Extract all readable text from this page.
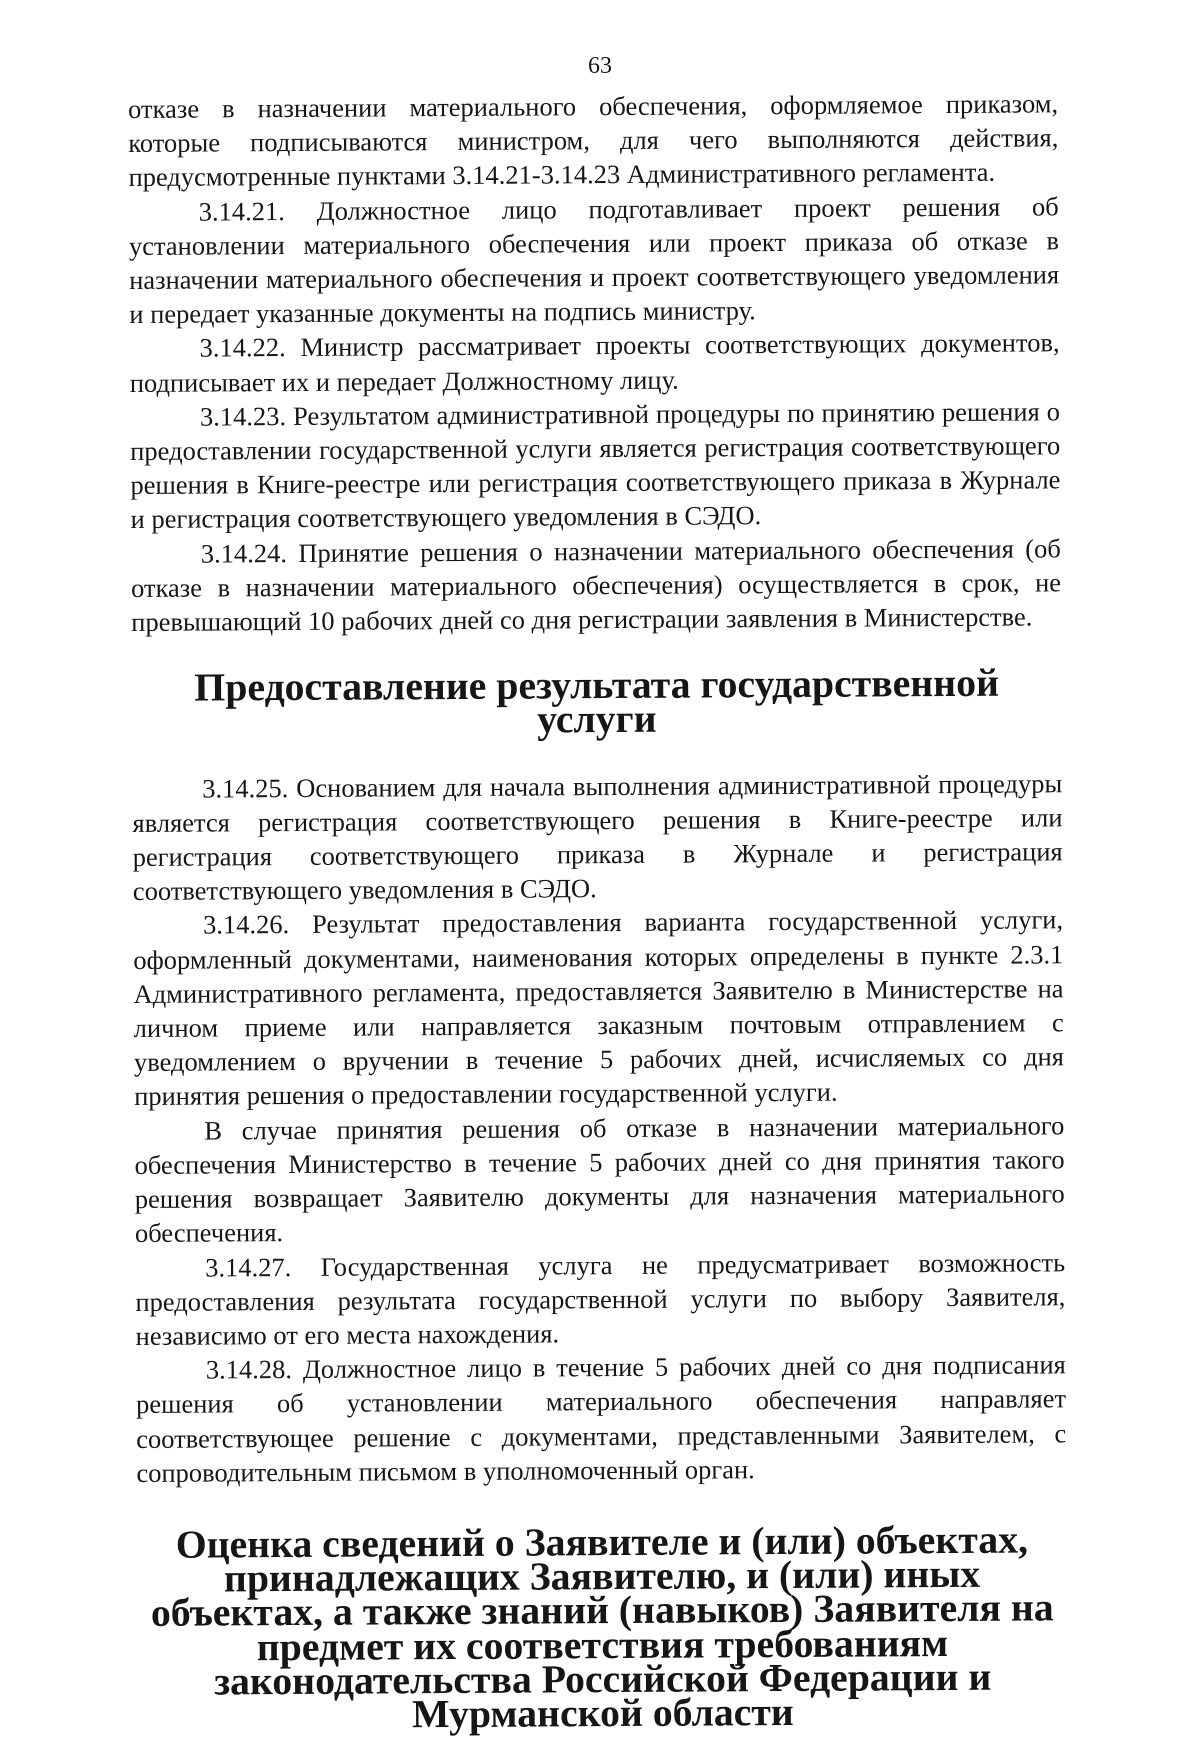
63

отказе в назначении материального обеспечения, оформляемое приказом, которые подписываются министром, для чего выполняются действия, предусмотренные пунктами 3.14.21-3.14.23 Административного регламента.

3.14.21. Должностное лицо подготавливает проект решения об установлении материального обеспечения или проект приказа об отказе в назначении материального обеспечения и проект соответствующего уведомления и передает указанные документы на подпись министру.

3.14.22. Министр рассматривает проекты соответствующих документов, подписывает их и передает Должностному лицу.

3.14.23. Результатом административной процедуры по принятию решения о предоставлении государственной услуги является регистрация соответствующего решения в Книге-реестре или регистрация соответствующего приказа в Журнале и регистрация соответствующего уведомления в СЭДО.

3.14.24. Принятие решения о назначении материального обеспечения (об отказе в назначении материального обеспечения) осуществляется в срок, не превышающий 10 рабочих дней со дня регистрации заявления в Министерстве.

Предоставление результата государственной услуги

3.14.25. Основанием для начала выполнения административной процедуры является регистрация соответствующего решения в Книге-реестре или регистрация соответствующего приказа в Журнале и регистрация соответствующего уведомления в СЭДО.

3.14.26. Результат предоставления варианта государственной услуги, оформленный документами, наименования которых определены в пункте 2.3.1 Административного регламента, предоставляется Заявителю в Министерстве на личном приеме или направляется заказным почтовым отправлением с уведомлением о вручении в течение 5 рабочих дней, исчисляемых со дня принятия решения о предоставлении государственной услуги.

В случае принятия решения об отказе в назначении материального обеспечения Министерство в течение 5 рабочих дней со дня принятия такого решения возвращает Заявителю документы для назначения материального обеспечения.

3.14.27. Государственная услуга не предусматривает возможность предоставления результата государственной услуги по выбору Заявителя, независимо от его места нахождения.

3.14.28. Должностное лицо в течение 5 рабочих дней со дня подписания решения об установлении материального обеспечения направляет соответствующее решение с документами, представленными Заявителем, с сопроводительным письмом в уполномоченный орган.

Оценка сведений о Заявителе и (или) объектах, принадлежащих Заявителю, и (или) иных объектах, а также знаний (навыков) Заявителя на предмет их соответствия требованиям законодательства Российской Федерации и Мурманской области
